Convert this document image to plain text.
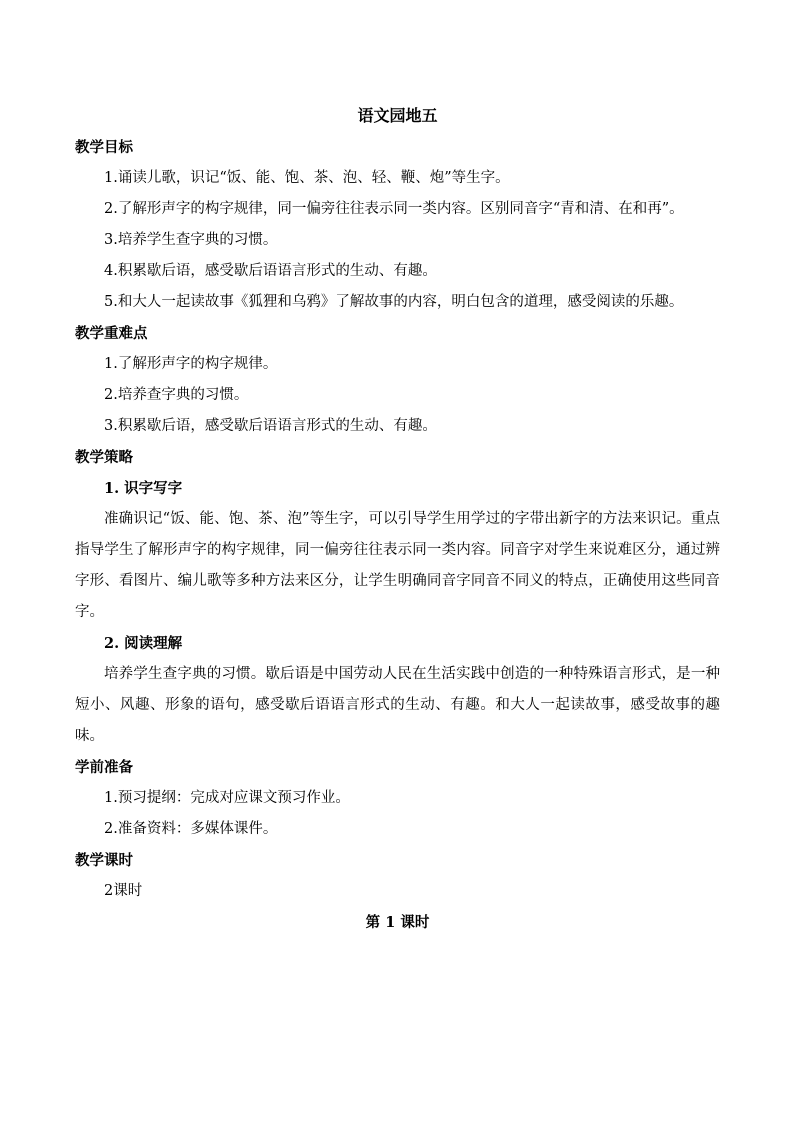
语文园地五

教学目标

1.诵读儿歌，识记“饭、能、饱、茶、泡、轻、鞭、炮”等生字。

2.了解形声字的构字规律，同一偏旁往往表示同一类内容。区别同音字“青和清、在和再”。

3.培养学生查字典的习惯。

4.积累歇后语，感受歇后语语言形式的生动、有趣。

5.和大人一起读故事《狐狸和乌鸦》了解故事的内容，明白包含的道理，感受阅读的乐趣。

教学重难点

1.了解形声字的构字规律。

2.培养查字典的习惯。

3.积累歇后语，感受歇后语语言形式的生动、有趣。

教学策略

1. 识字写字

准确识记“饭、能、饱、茶、泡”等生字，可以引导学生用学过的字带出新字的方法来识记。重点指导学生了解形声字的构字规律，同一偏旁往往表示同一类内容。同音字对学生来说难区分，通过辨字形、看图片、编儿歌等多种方法来区分，让学生明确同音字同音不同义的特点，正确使用这些同音字。

2. 阅读理解

培养学生查字典的习惯。歇后语是中国劳动人民在生活实践中创造的一种特殊语言形式，是一种短小、风趣、形象的语句，感受歇后语语言形式的生动、有趣。和大人一起读故事，感受故事的趣味。

学前准备

1.预习提纲：完成对应课文预习作业。

2.准备资料：多媒体课件。

教学课时

2课时

第 1 课时
